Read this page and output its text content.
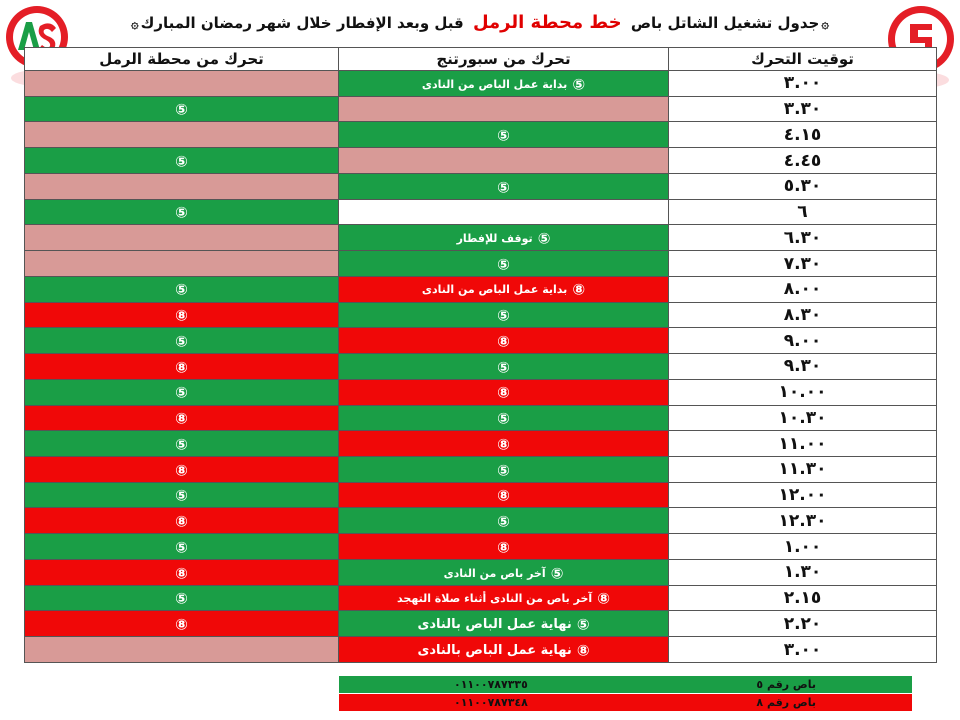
۞جدول تشغيل الشاتل باص خط محطة الرمل قبل وبعد الإفطار خلال شهر رمضان المبارك۞
توقيت التحرك	تحرك من سبورتنج	تحرك من محطة الرمل
٣.٠٠	⑤ بداية عمل الباص من النادى	
٣.٣٠		⑤
٤.١٥	⑤	
٤.٤٥		⑤
٥.٣٠	⑤	
٦		⑤
٦.٣٠	⑤ توقف للإفطار	
٧.٣٠	⑤	
٨.٠٠	⑧ بداية عمل الباص من النادى	⑤
٨.٣٠	⑤	⑧
٩.٠٠	⑧	⑤
٩.٣٠	⑤	⑧
١٠.٠٠	⑧	⑤
١٠.٣٠	⑤	⑧
١١.٠٠	⑧	⑤
١١.٣٠	⑤	⑧
١٢.٠٠	⑧	⑤
١٢.٣٠	⑤	⑧
١.٠٠	⑧	⑤
١.٣٠	⑤ آخر باص من النادى	⑧
٢.١٥	⑧ آخر باص من النادى أثناء صلاة التهجد	⑤
٢.٢٠	⑤ نهاية عمل الباص بالنادى	⑧
٣.٠٠	⑧ نهاية عمل الباص بالنادى	
باص رقم ٥
٠١١٠٠٧٨٧٣٣٥
باص رقم ٨
٠١١٠٠٧٨٧٣٤٨
